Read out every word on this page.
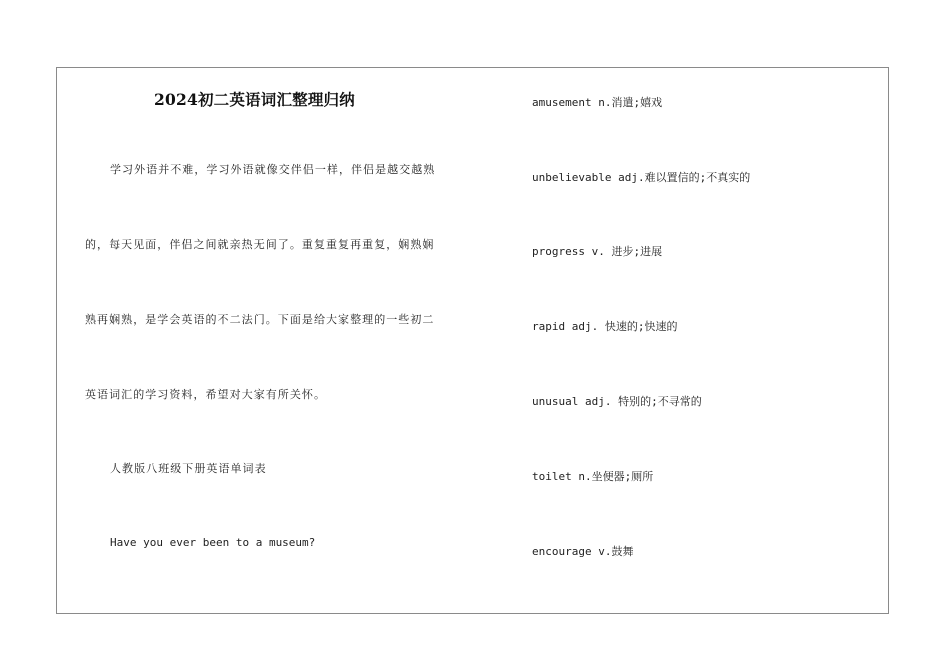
2024初二英语词汇整理归纳
学习外语并不难，学习外语就像交伴侣一样，伴侣是越交越熟
的，每天见面，伴侣之间就亲热无间了。重复重复再重复，娴熟娴
熟再娴熟，是学会英语的不二法门。下面是给大家整理的一些初二
英语词汇的学习资料，希望对大家有所关怀。
人教版八班级下册英语单词表
Have you ever been to a museum?
amusement n.消遣;嬉戏
unbelievable adj.难以置信的;不真实的
progress v. 进步;进展
rapid adj. 快速的;快速的
unusual adj. 特别的;不寻常的
toilet n.坐便器;厕所
encourage v.鼓舞
